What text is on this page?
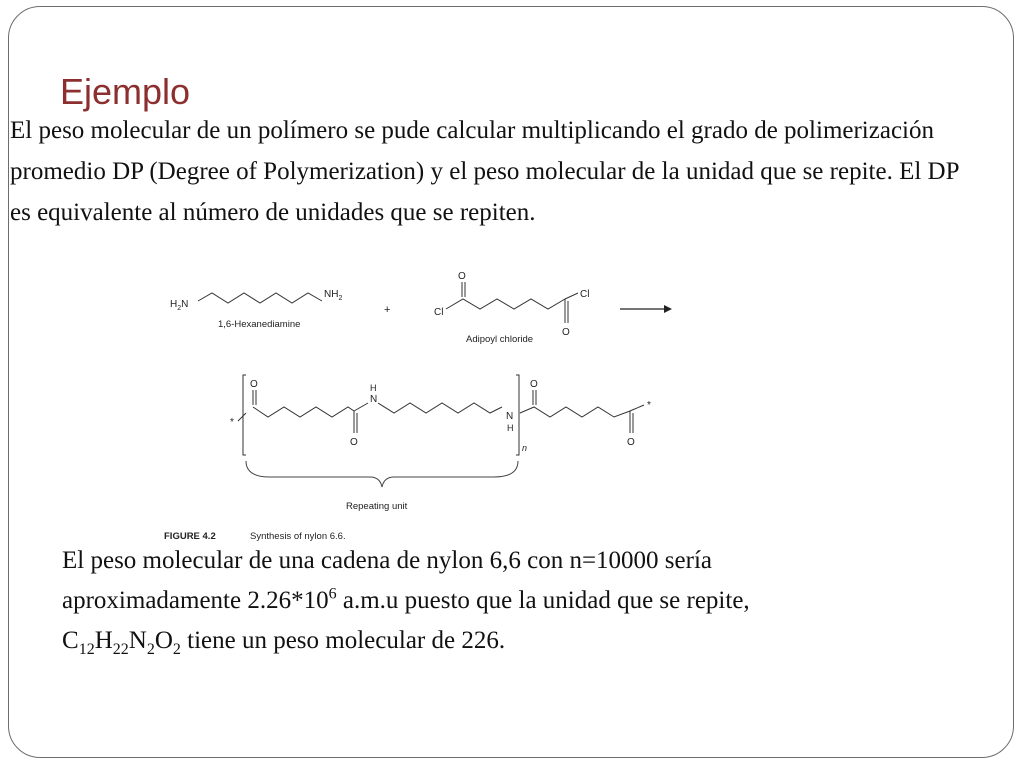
Ejemplo
El peso molecular de un polímero se pude calcular multiplicando el grado de polimerización promedio DP (Degree of Polymerization) y el peso molecular de la unidad que se repite. El DP es equivalente al número de unidades que se repiten.
$H_2N$
$NH_2$
1,6-Hexanediamine
+
O
Cl
Cl
O
Adipoyl chloride
*
O
O
H
N
N
H
n
O
O
*
Repeating unit
FIGURE 4.2	Synthesis of nylon 6.6.
El peso molecular de una cadena de nylon 6,6 con n=10000 sería
aproximadamente $2.26*10^6$ a.m.u puesto que la unidad que se repite,
$C_{12}H_{22}N_2O_2$ tiene un peso molecular de 226.
